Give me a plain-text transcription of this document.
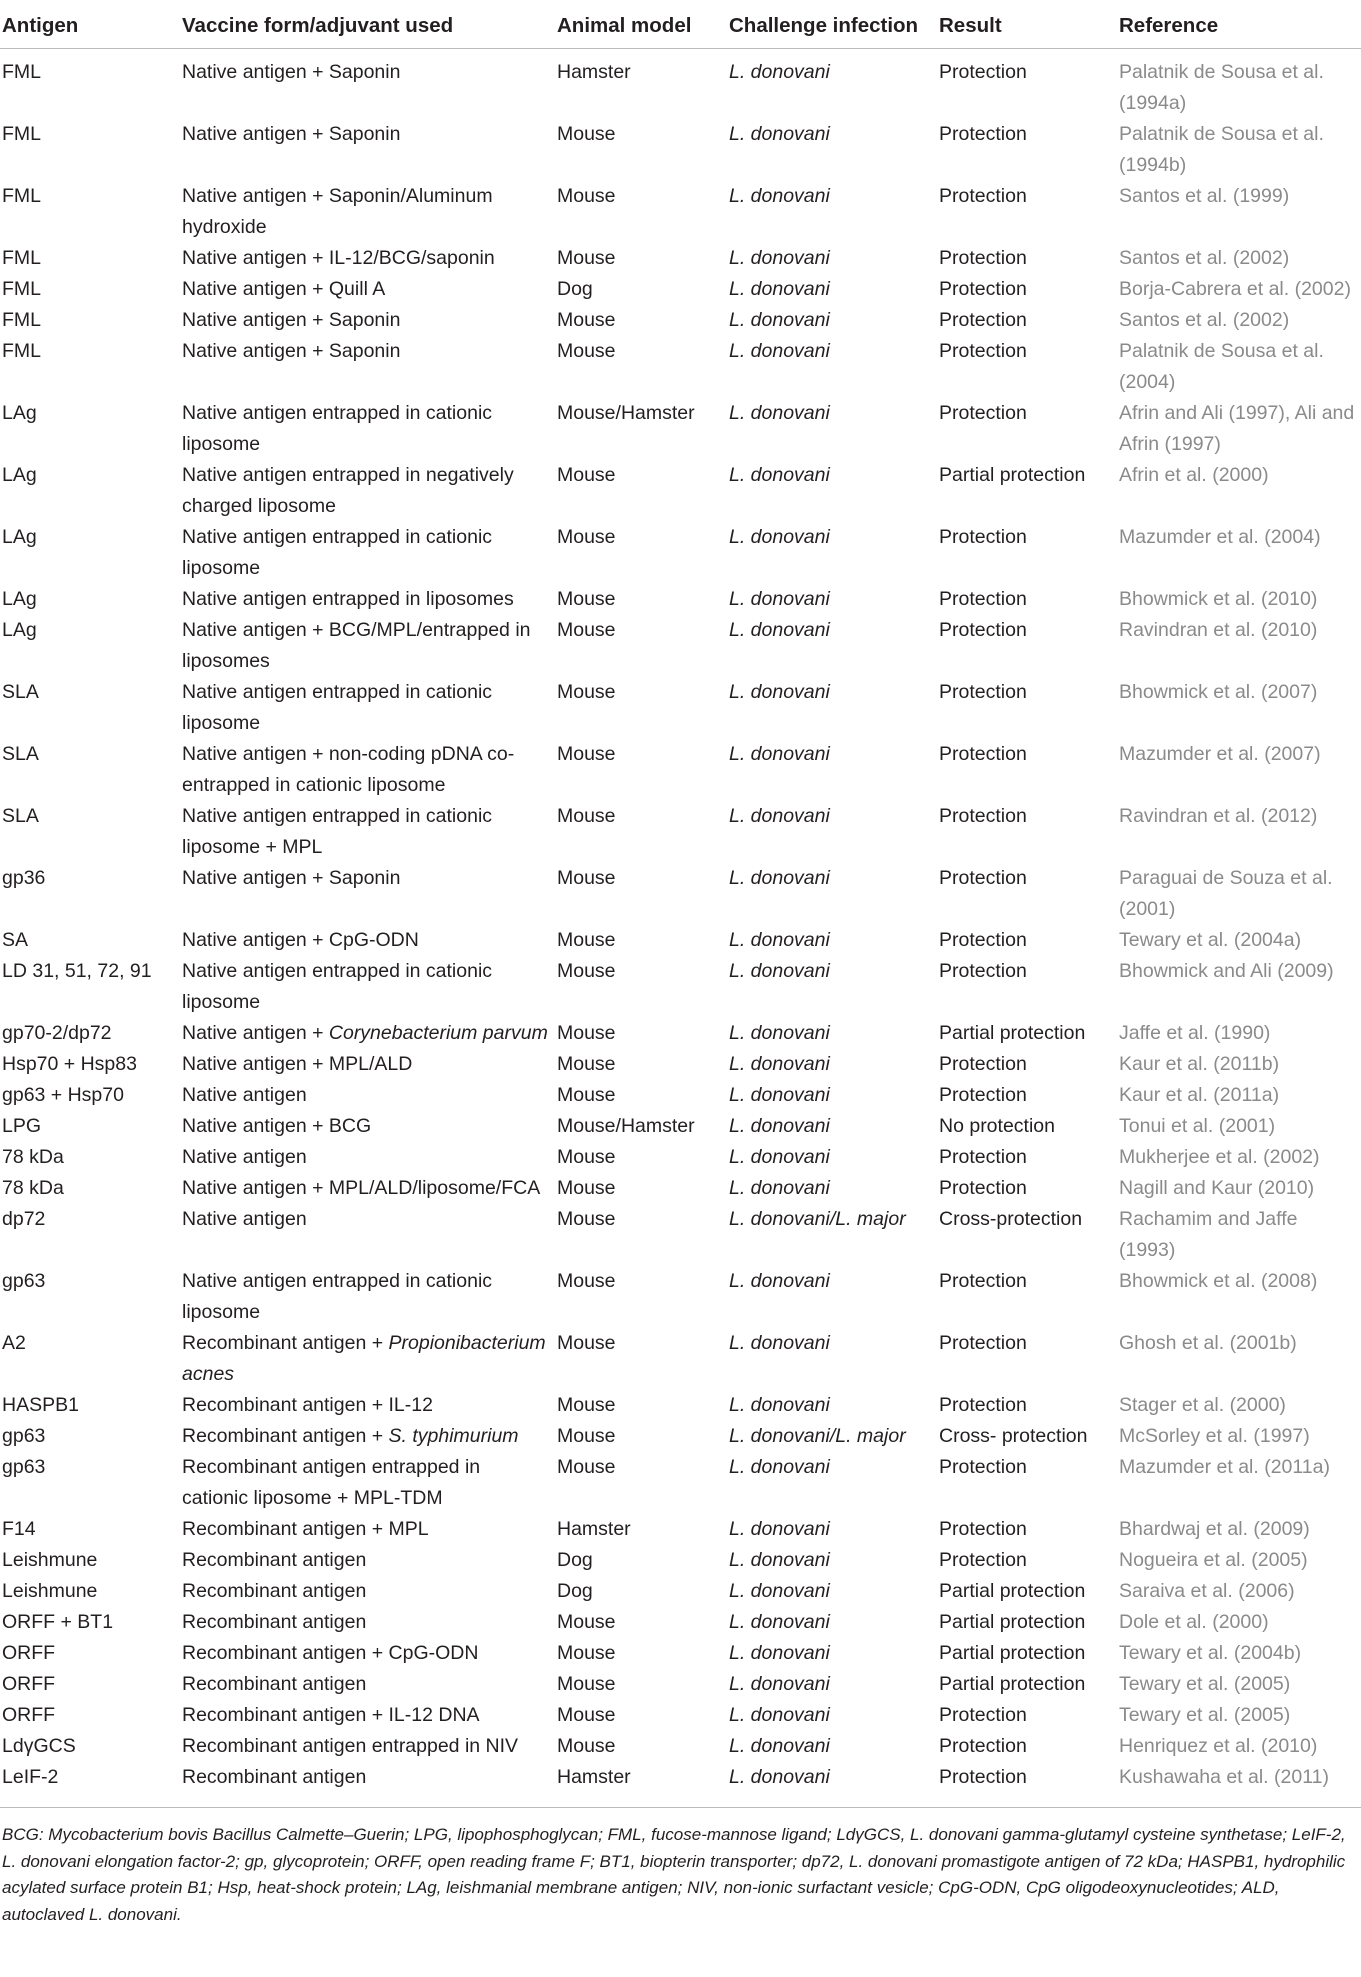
Antigen	Vaccine form/adjuvant used	Animal model	Challenge infection	Result	Reference
FML	Native antigen + Saponin	Hamster	L. donovani	Protection	Palatnik de Sousa et al. (1994a)
FML	Native antigen + Saponin	Mouse	L. donovani	Protection	Palatnik de Sousa et al. (1994b)
FML	Native antigen + Saponin/Aluminum hydroxide	Mouse	L. donovani	Protection	Santos et al. (1999)
FML	Native antigen + IL-12/BCG/saponin	Mouse	L. donovani	Protection	Santos et al. (2002)
FML	Native antigen + Quill A	Dog	L. donovani	Protection	Borja-Cabrera et al. (2002)
FML	Native antigen + Saponin	Mouse	L. donovani	Protection	Santos et al. (2002)
FML	Native antigen + Saponin	Mouse	L. donovani	Protection	Palatnik de Sousa et al. (2004)
LAg	Native antigen entrapped in cationic liposome	Mouse/Hamster	L. donovani	Protection	Afrin and Ali (1997), Ali and Afrin (1997)
LAg	Native antigen entrapped in negatively charged liposome	Mouse	L. donovani	Partial protection	Afrin et al. (2000)
LAg	Native antigen entrapped in cationic liposome	Mouse	L. donovani	Protection	Mazumder et al. (2004)
LAg	Native antigen entrapped in liposomes	Mouse	L. donovani	Protection	Bhowmick et al. (2010)
LAg	Native antigen + BCG/MPL/entrapped in liposomes	Mouse	L. donovani	Protection	Ravindran et al. (2010)
SLA	Native antigen entrapped in cationic liposome	Mouse	L. donovani	Protection	Bhowmick et al. (2007)
SLA	Native antigen + non-coding pDNA co-entrapped in cationic liposome	Mouse	L. donovani	Protection	Mazumder et al. (2007)
SLA	Native antigen entrapped in cationic liposome + MPL	Mouse	L. donovani	Protection	Ravindran et al. (2012)
gp36	Native antigen + Saponin	Mouse	L. donovani	Protection	Paraguai de Souza et al. (2001)
SA	Native antigen + CpG-ODN	Mouse	L. donovani	Protection	Tewary et al. (2004a)
LD 31, 51, 72, 91	Native antigen entrapped in cationic liposome	Mouse	L. donovani	Protection	Bhowmick and Ali (2009)
gp70-2/dp72	Native antigen + Corynebacterium parvum	Mouse	L. donovani	Partial protection	Jaffe et al. (1990)
Hsp70 + Hsp83	Native antigen + MPL/ALD	Mouse	L. donovani	Protection	Kaur et al. (2011b)
gp63 + Hsp70	Native antigen	Mouse	L. donovani	Protection	Kaur et al. (2011a)
LPG	Native antigen + BCG	Mouse/Hamster	L. donovani	No protection	Tonui et al. (2001)
78 kDa	Native antigen	Mouse	L. donovani	Protection	Mukherjee et al. (2002)
78 kDa	Native antigen + MPL/ALD/liposome/FCA	Mouse	L. donovani	Protection	Nagill and Kaur (2010)
dp72	Native antigen	Mouse	L. donovani/L. major	Cross-protection	Rachamim and Jaffe (1993)
gp63	Native antigen entrapped in cationic liposome	Mouse	L. donovani	Protection	Bhowmick et al. (2008)
A2	Recombinant antigen + Propionibacterium acnes	Mouse	L. donovani	Protection	Ghosh et al. (2001b)
HASPB1	Recombinant antigen + IL-12	Mouse	L. donovani	Protection	Stager et al. (2000)
gp63	Recombinant antigen + S. typhimurium	Mouse	L. donovani/L. major	Cross- protection	McSorley et al. (1997)
gp63	Recombinant antigen entrapped in cationic liposome + MPL-TDM	Mouse	L. donovani	Protection	Mazumder et al. (2011a)
F14	Recombinant antigen + MPL	Hamster	L. donovani	Protection	Bhardwaj et al. (2009)
Leishmune	Recombinant antigen	Dog	L. donovani	Protection	Nogueira et al. (2005)
Leishmune	Recombinant antigen	Dog	L. donovani	Partial protection	Saraiva et al. (2006)
ORFF + BT1	Recombinant antigen	Mouse	L. donovani	Partial protection	Dole et al. (2000)
ORFF	Recombinant antigen + CpG-ODN	Mouse	L. donovani	Partial protection	Tewary et al. (2004b)
ORFF	Recombinant antigen	Mouse	L. donovani	Partial protection	Tewary et al. (2005)
ORFF	Recombinant antigen + IL-12 DNA	Mouse	L. donovani	Protection	Tewary et al. (2005)
LdγGCS	Recombinant antigen entrapped in NIV	Mouse	L. donovani	Protection	Henriquez et al. (2010)
LeIF-2	Recombinant antigen	Hamster	L. donovani	Protection	Kushawaha et al. (2011)

BCG: Mycobacterium bovis Bacillus Calmette–Guerin; LPG, lipophosphoglycan; FML, fucose-mannose ligand; LdγGCS, L. donovani gamma-glutamyl cysteine synthetase; LeIF-2, L. donovani elongation factor-2; gp, glycoprotein; ORFF, open reading frame F; BT1, biopterin transporter; dp72, L. donovani promastigote antigen of 72 kDa; HASPB1, hydrophilic acylated surface protein B1; Hsp, heat-shock protein; LAg, leishmanial membrane antigen; NIV, non-ionic surfactant vesicle; CpG-ODN, CpG oligodeoxynucleotides; ALD, autoclaved L. donovani.
